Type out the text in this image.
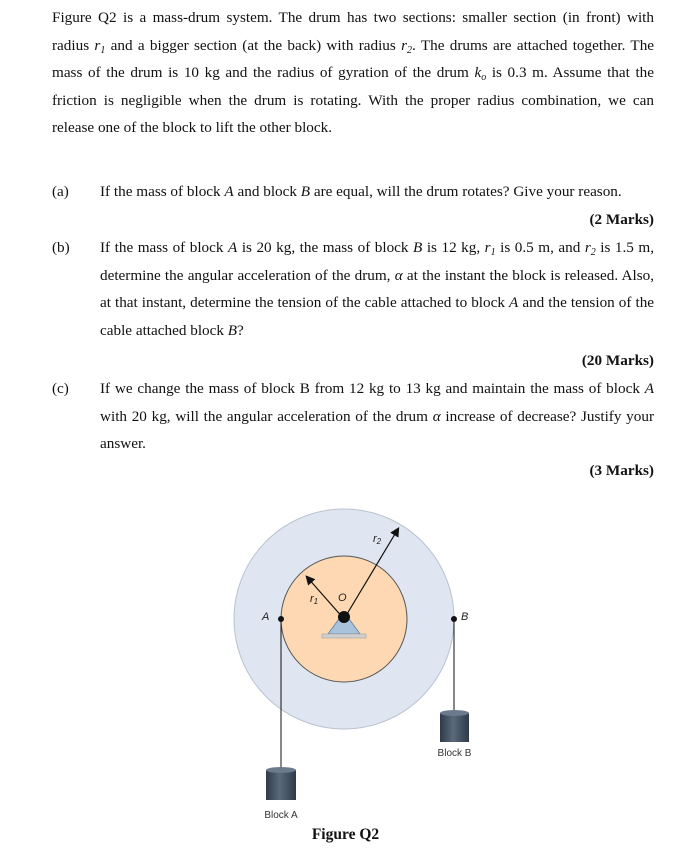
Figure Q2 is a mass-drum system. The drum has two sections: smaller section (in front) with radius $r_1$ and a bigger section (at the back) with radius $r_2$. The drums are attached together. The mass of the drum is 10 kg and the radius of gyration of the drum $k_o$ is 0.3 m. Assume that the friction is negligible when the drum is rotating. With the proper radius combination, we can release one of the block to lift the other block.
(a) If the mass of block A and block B are equal, will the drum rotates? Give your reason.
(2 Marks)
(b) If the mass of block A is 20 kg, the mass of block B is 12 kg, $r_1$ is 0.5 m, and $r_2$ is 1.5 m, determine the angular acceleration of the drum, α at the instant the block is released. Also, at that instant, determine the tension of the cable attached to block A and the tension of the cable attached block B?
(20 Marks)
(c) If we change the mass of block B from 12 kg to 13 kg and maintain the mass of block A with 20 kg, will the angular acceleration of the drum α increase of decrease? Justify your answer.
(3 Marks)
r2
r1 O
A	B
Block B
Block A
Figure Q2
